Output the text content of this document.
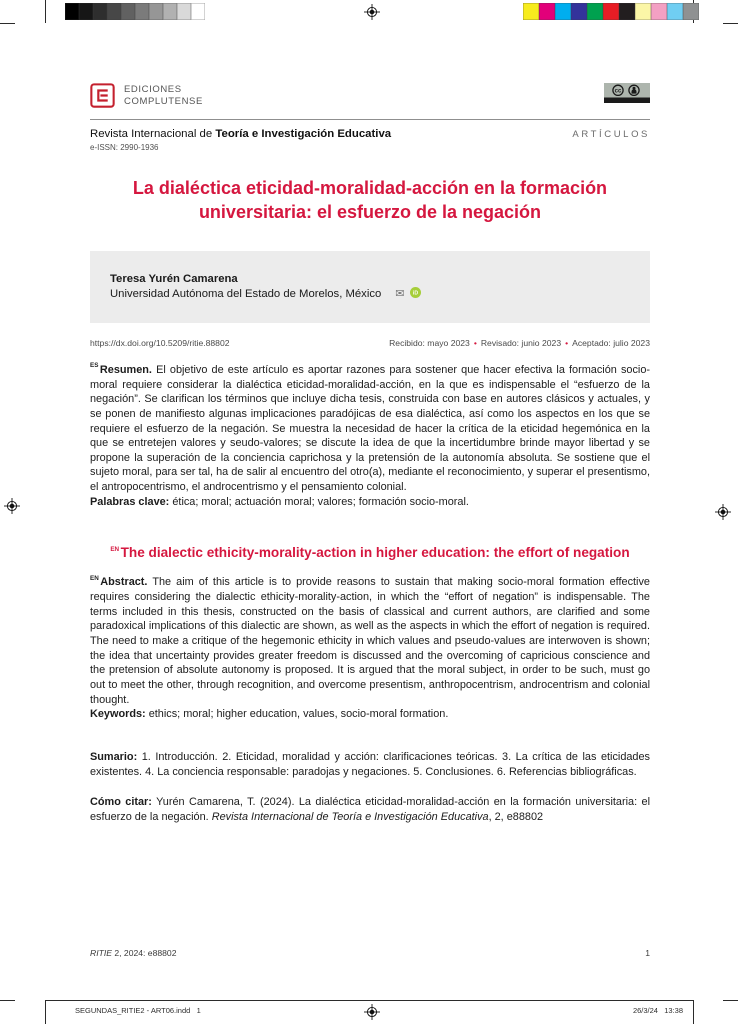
EDICIONES
COMPLUTENSE
cc
Revista Internacional de Teoría e Investigación Educativa	ARTÍCULOS
e-ISSN: 2990-1936
La dialéctica eticidad-moralidad-acción en la formación universitaria: el esfuerzo de la negación
Teresa Yurén Camarena
Universidad Autónoma del Estado de Morelos, México ✉ iD
https://dx.doi.org/10.5209/ritie.88802	Recibido: mayo 2023 • Revisado: junio 2023 • Aceptado: julio 2023

$^{ES}$ Resumen. El objetivo de este artículo es aportar razones para sostener que hacer efectiva la formación socio-moral requiere considerar la dialéctica eticidad-moralidad-acción, en la que es indispensable el “esfuerzo de la negación”. Se clarifican los términos que incluye dicha tesis, construida con base en autores clásicos y actuales, y se ponen de manifiesto algunas implicaciones paradójicas de esa dialéctica, así como los aspectos en los que se requiere el esfuerzo de la negación. Se muestra la necesidad de hacer la crítica de la eticidad hegemónica en la que se entretejen valores y seudo-valores; se discute la idea de que la incertidumbre brinde mayor libertad y se propone la superación de la conciencia caprichosa y la pretensión de la autonomía absoluta. Se sostiene que el sujeto moral, para ser tal, ha de salir al encuentro del otro(a), mediante el reconocimiento, y superar el presentismo, el antropocentrismo, el androcentrismo y el pensamiento colonial.
Palabras clave: ética; moral; actuación moral; valores; formación socio-moral.

$^{EN}$ The dialectic ethicity-morality-action in higher education: the effort of negation

$^{EN}$ Abstract. The aim of this article is to provide reasons to sustain that making socio-moral formation effective requires considering the dialectic ethicity-morality-action, in which the “effort of negation” is indispensable. The terms included in this thesis, constructed on the basis of classical and current authors, are clarified and some paradoxical implications of this dialectic are shown, as well as the aspects in which the effort of negation is required. The need to make a critique of the hegemonic ethicity in which values and pseudo-values are interwoven is shown; the idea that uncertainty provides greater freedom is discussed and the overcoming of capricious conscience and the pretension of absolute autonomy is proposed. It is argued that the moral subject, in order to be such, must go out to meet the other, through recognition, and overcome presentism, anthropocentrism, androcentrism and colonial thought.
Keywords: ethics; moral; higher education, values, socio-moral formation.

Sumario: 1. Introducción. 2. Eticidad, moralidad y acción: clarificaciones teóricas. 3. La crítica de las eticidades existentes. 4. La conciencia responsable: paradojas y negaciones. 5. Conclusiones. 6. Referencias bibliográficas.

Cómo citar: Yurén Camarena, T. (2024). La dialéctica eticidad-moralidad-acción en la formación universitaria: el esfuerzo de la negación. Revista Internacional de Teoría e Investigación Educativa, 2, e88802

RITIE 2, 2024: e88802	1
SEGUNDAS_RITIE2 - ART06.indd   1	26/3/24   13:38
